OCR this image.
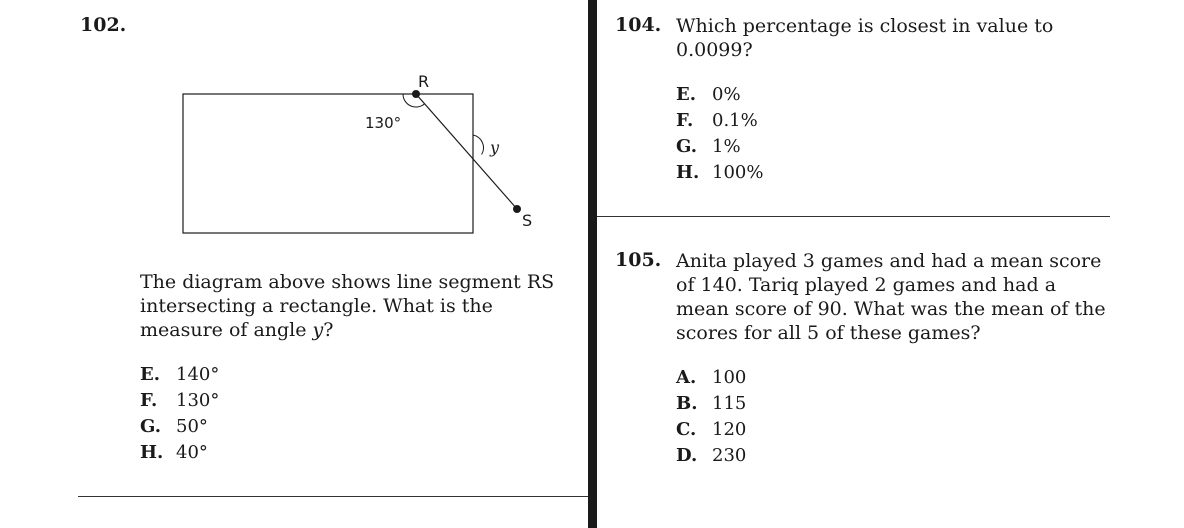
102.
R
S
130°
y
The diagram above shows line segment RS intersecting a rectangle. What is the measure of angle y?
E. 140°
F. 130°
G. 50°
H. 40°
104. Which percentage is closest in value to 0.0099?
E. 0%
F. 0.1%
G. 1%
H. 100%
105. Anita played 3 games and had a mean score of 140. Tariq played 2 games and had a mean score of 90. What was the mean of the scores for all 5 of these games?
A. 100
B. 115
C. 120
D. 230
